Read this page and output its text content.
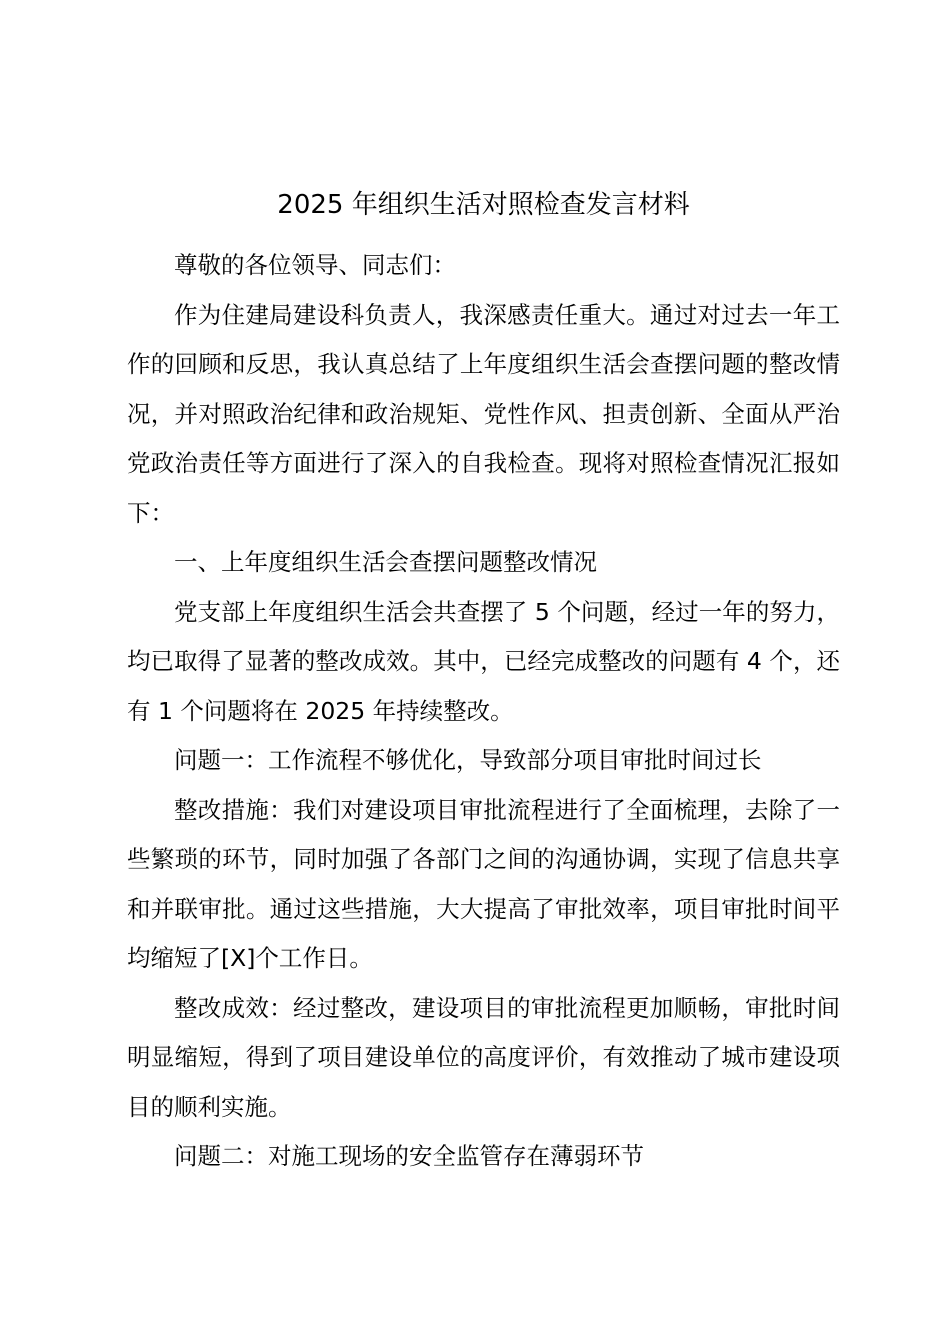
2025 年组织生活对照检查发言材料

尊敬的各位领导、同志们：

作为住建局建设科负责人，我深感责任重大。通过对过去一年工作的回顾和反思，我认真总结了上年度组织生活会查摆问题的整改情况，并对照政治纪律和政治规矩、党性作风、担责创新、全面从严治党政治责任等方面进行了深入的自我检查。现将对照检查情况汇报如下：

一、上年度组织生活会查摆问题整改情况

党支部上年度组织生活会共查摆了 5 个问题，经过一年的努力，均已取得了显著的整改成效。其中，已经完成整改的问题有 4 个，还有 1 个问题将在 2025 年持续整改。

问题一：工作流程不够优化，导致部分项目审批时间过长

整改措施：我们对建设项目审批流程进行了全面梳理，去除了一些繁琐的环节，同时加强了各部门之间的沟通协调，实现了信息共享和并联审批。通过这些措施，大大提高了审批效率，项目审批时间平均缩短了[X]个工作日。

整改成效：经过整改，建设项目的审批流程更加顺畅，审批时间明显缩短，得到了项目建设单位的高度评价，有效推动了城市建设项目的顺利实施。

问题二：对施工现场的安全监管存在薄弱环节
